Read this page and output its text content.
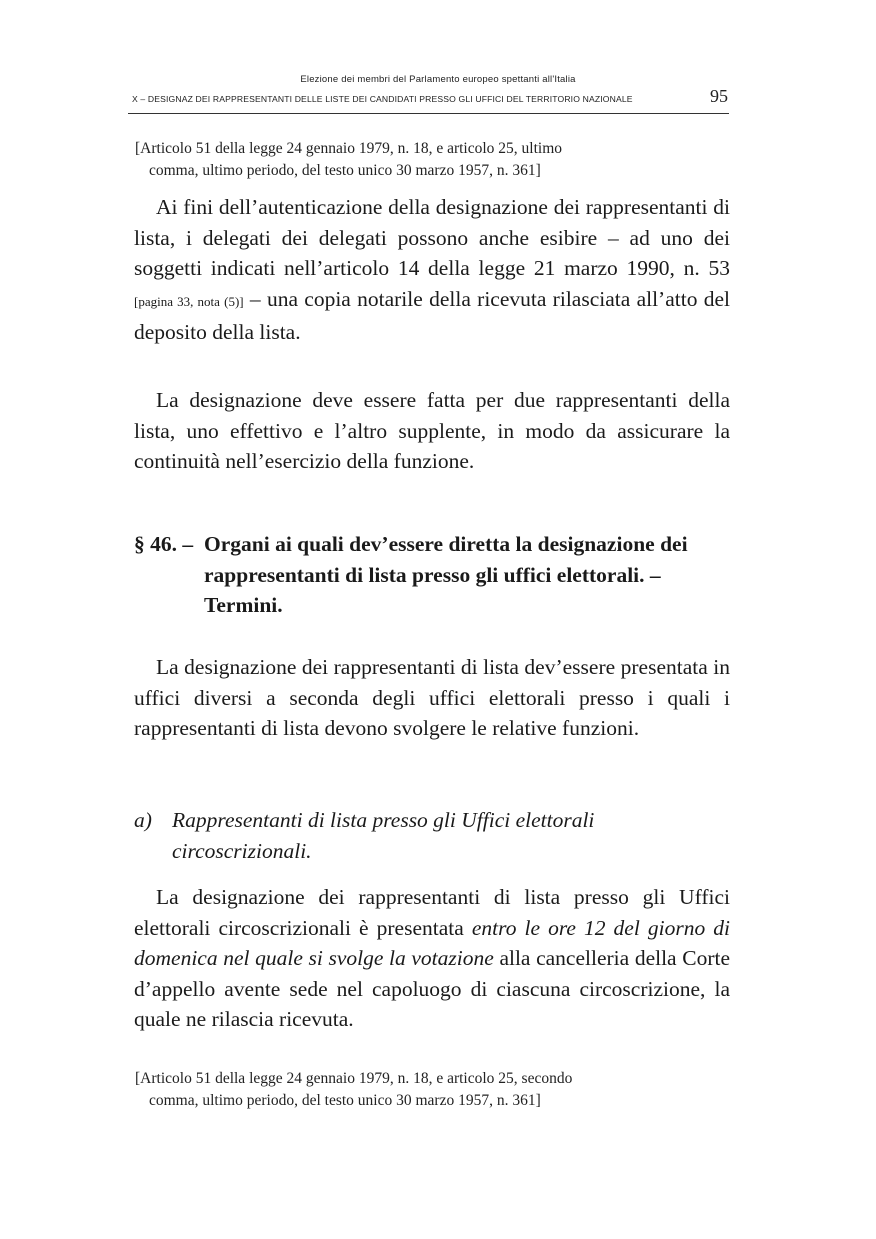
Elezione dei membri del Parlamento europeo spettanti all'Italia
X – DESIGNAZ DEI RAPPRESENTANTI DELLE LISTE DEI CANDIDATI PRESSO GLI UFFICI DEL TERRITORIO NAZIONALE	95
[Articolo 51 della legge 24 gennaio 1979, n. 18, e articolo 25, ultimo
comma, ultimo periodo, del testo unico 30 marzo 1957, n. 361]
Ai fini dell’autenticazione della designazione dei rappresentanti di lista, i delegati dei delegati possono anche esibire – ad uno dei soggetti indicati nell’articolo 14 della legge 21 marzo 1990, n. 53 [pagina 33, nota (5)] – una copia notarile della ricevuta rilasciata all’atto del deposito della lista.
La designazione deve essere fatta per due rappresentanti della lista, uno effettivo e l’altro supplente, in modo da assicurare la continuità nell’esercizio della funzione.
§ 46. – Organi ai quali dev’essere diretta la designazione dei rappresentanti di lista presso gli uffici elettorali. – Termini.
La designazione dei rappresentanti di lista dev’essere presentata in uffici diversi a seconda degli uffici elettorali presso i quali i rappresentanti di lista devono svolgere le relative funzioni.
a) Rappresentanti di lista presso gli Uffici elettorali circoscrizionali.
La designazione dei rappresentanti di lista presso gli Uffici elettorali circoscrizionali è presentata entro le ore 12 del giorno di domenica nel quale si svolge la votazione alla cancelleria della Corte d’appello avente sede nel capoluogo di ciascuna circoscrizione, la quale ne rilascia ricevuta.
[Articolo 51 della legge 24 gennaio 1979, n. 18, e articolo 25, secondo
comma, ultimo periodo, del testo unico 30 marzo 1957, n. 361]
